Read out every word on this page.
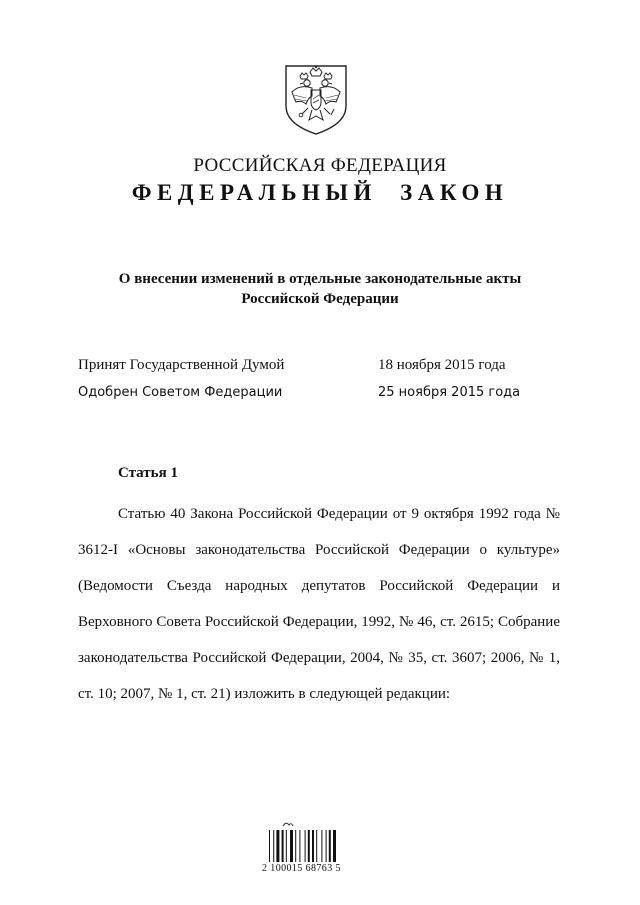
РОССИЙСКАЯ ФЕДЕРАЦИЯ

ФЕДЕРАЛЬНЫЙ ЗАКОН

О внесении изменений в отдельные законодательные акты Российской Федерации

Принят Государственной Думой	18 ноября 2015 года
Одобрен Советом Федерации	25 ноября 2015 года

Статья 1

Статью 40 Закона Российской Федерации от 9 октября 1992 года № 3612-I «Основы законодательства Российской Федерации о культуре» (Ведомости Съезда народных депутатов Российской Федерации и Верховного Совета Российской Федерации, 1992, № 46, ст. 2615; Собрание законодательства Российской Федерации, 2004, № 35, ст. 3607; 2006, № 1, ст. 10; 2007, № 1, ст. 21) изложить в следующей редакции:

2 100015 68763 5
